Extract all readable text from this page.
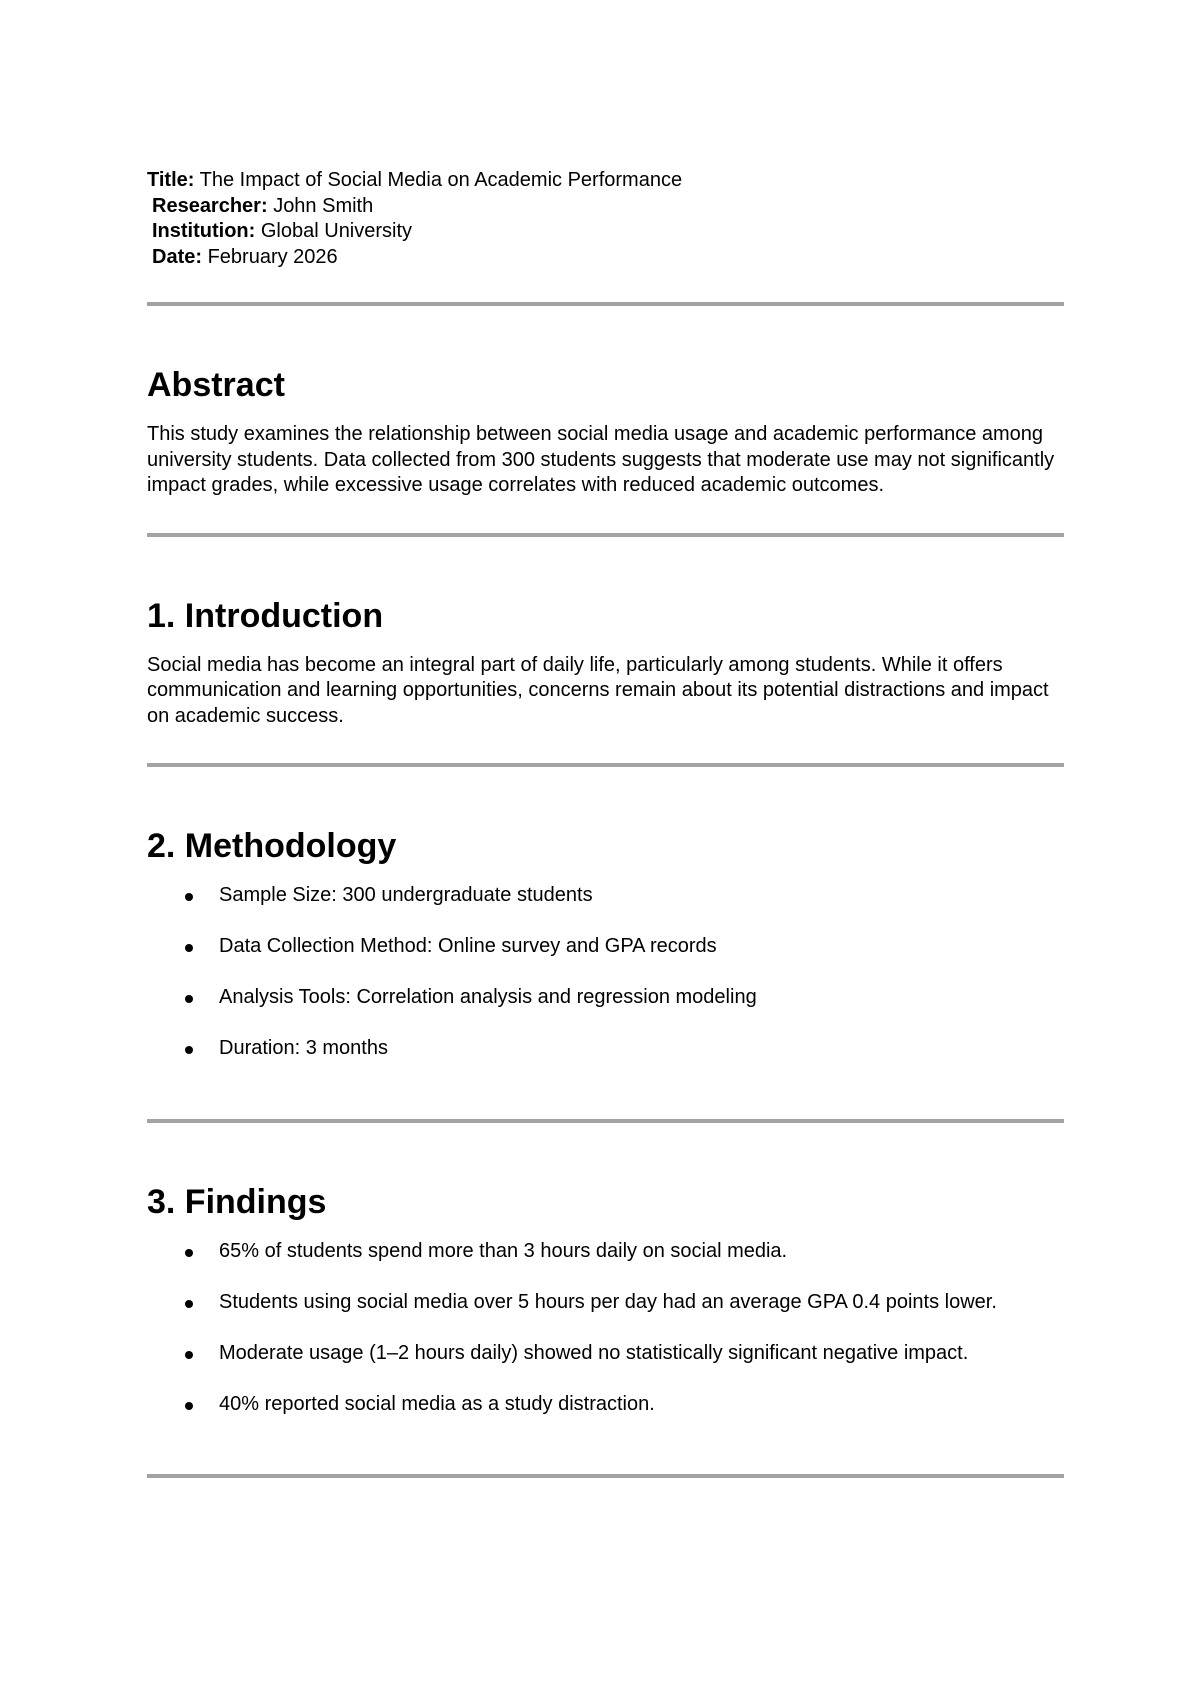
Title: The Impact of Social Media on Academic Performance
Researcher: John Smith
Institution: Global University
Date: February 2026
Abstract

This study examines the relationship between social media usage and academic performance among university students. Data collected from 300 students suggests that moderate use may not significantly impact grades, while excessive usage correlates with reduced academic outcomes.

1. Introduction

Social media has become an integral part of daily life, particularly among students. While it offers communication and learning opportunities, concerns remain about its potential distractions and impact on academic success.

2. Methodology
Sample Size: 300 undergraduate students
Data Collection Method: Online survey and GPA records
Analysis Tools: Correlation analysis and regression modeling
Duration: 3 months
3. Findings
65% of students spend more than 3 hours daily on social media.
Students using social media over 5 hours per day had an average GPA 0.4 points lower.
Moderate usage (1–2 hours daily) showed no statistically significant negative impact.
40% reported social media as a study distraction.
